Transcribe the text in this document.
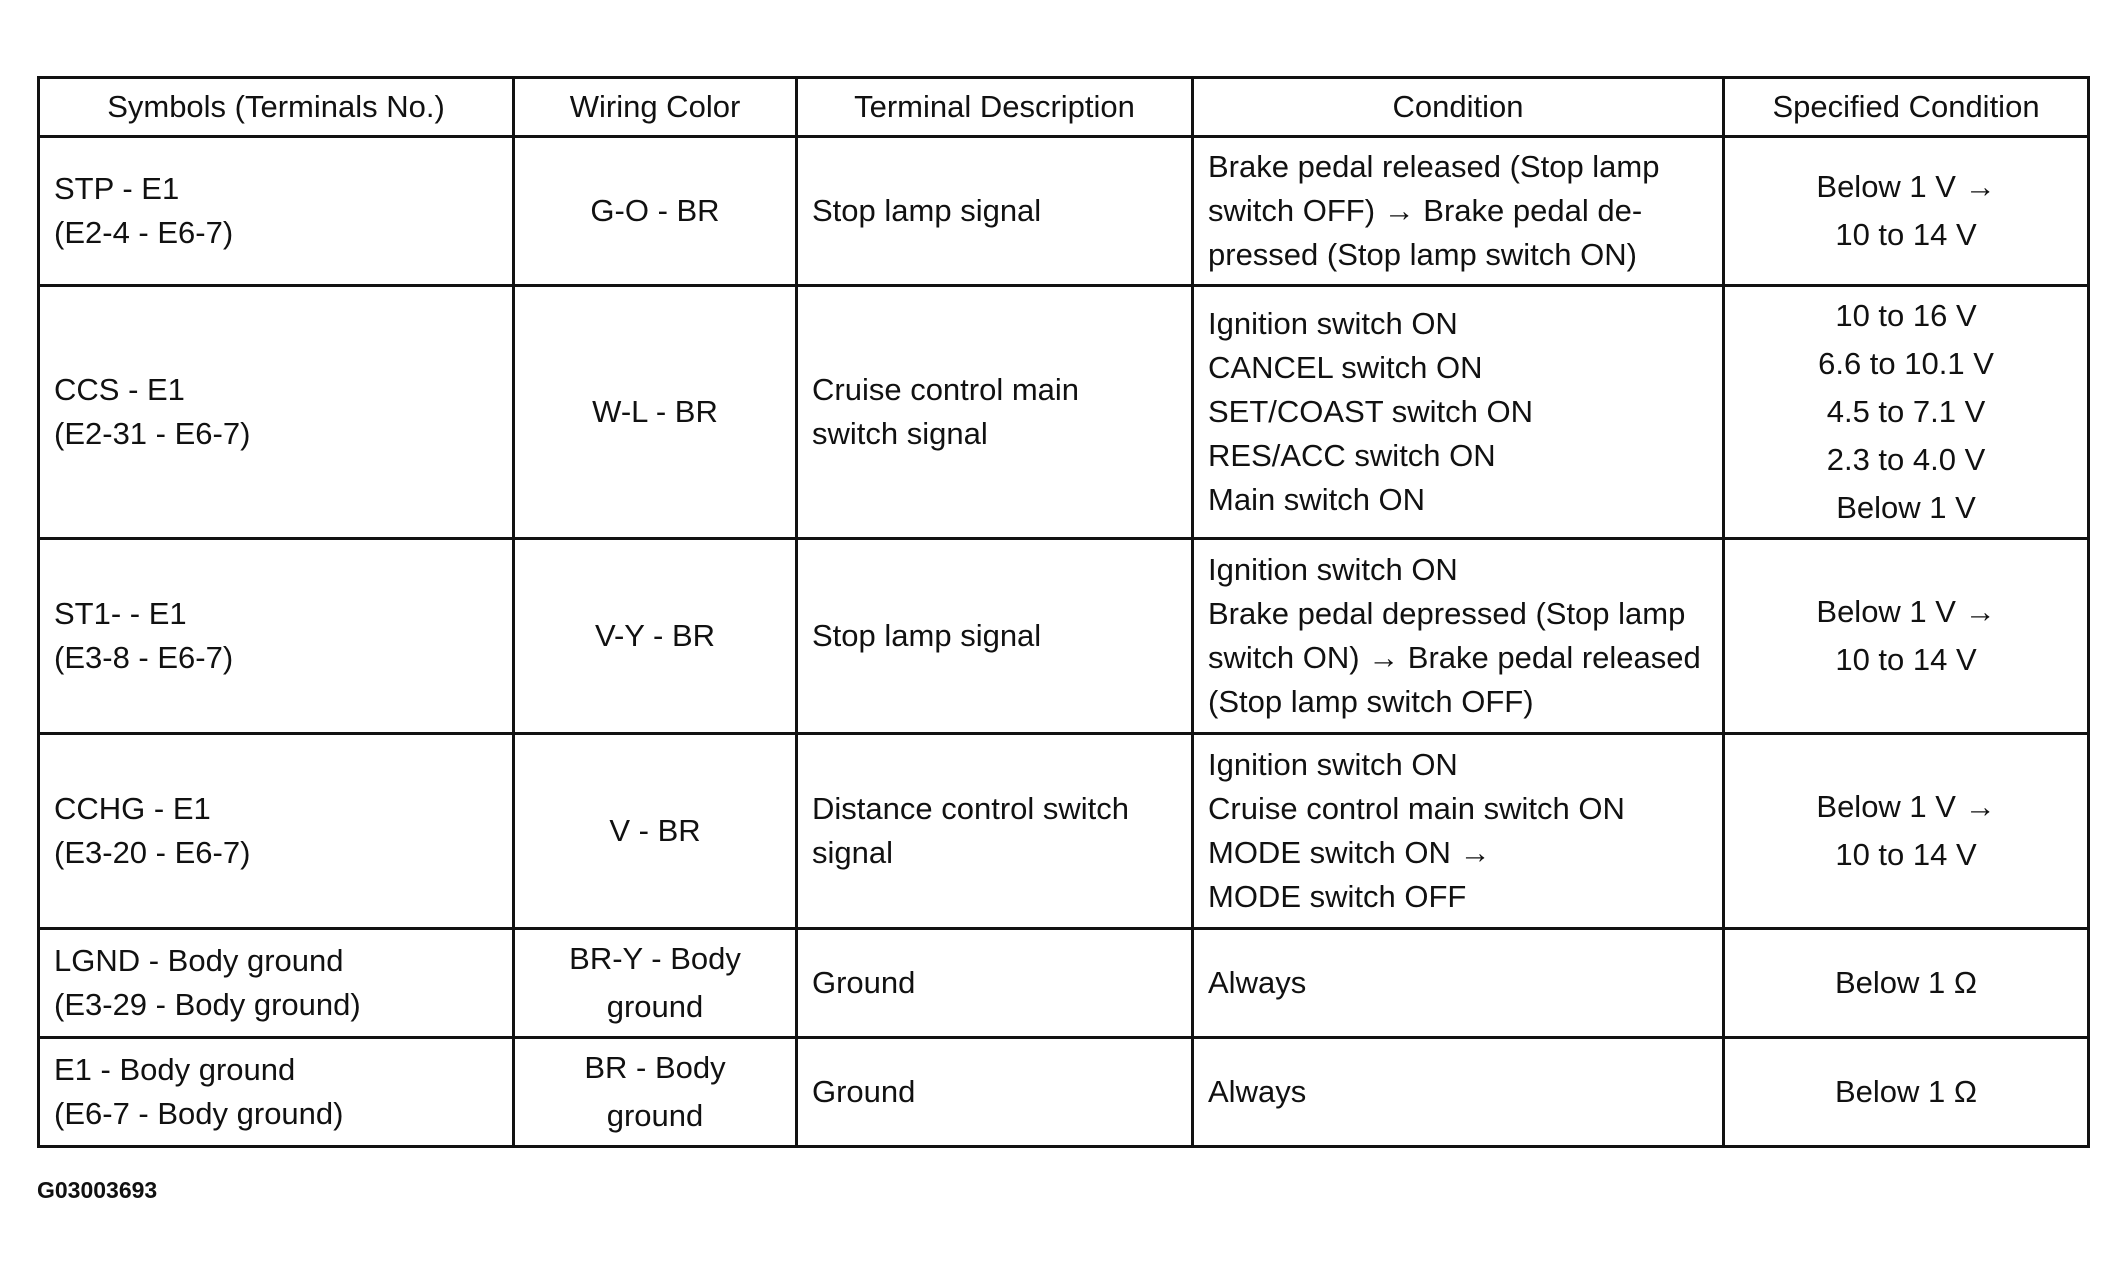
Symbols (Terminals No.)	Wiring Color	Terminal Description	Condition	Specified Condition

STP - E1
(E2-4 - E6-7)	G-O - BR	Stop lamp signal	Brake pedal released (Stop lamp
switch OFF) → Brake pedal de-
pressed (Stop lamp switch ON)	Below 1 V →
10 to 14 V

CCS - E1
(E2-31 - E6-7)	W-L - BR	Cruise control main
switch signal	Ignition switch ON
CANCEL switch ON
SET/COAST switch ON
RES/ACC switch ON
Main switch ON	10 to 16 V
6.6 to 10.1 V
4.5 to 7.1 V
2.3 to 4.0 V
Below 1 V

ST1- - E1
(E3-8 - E6-7)	V-Y - BR	Stop lamp signal	Ignition switch ON
Brake pedal depressed (Stop lamp
switch ON) → Brake pedal released
(Stop lamp switch OFF)	Below 1 V →
10 to 14 V

CCHG - E1
(E3-20 - E6-7)	V - BR	Distance control switch
signal	Ignition switch ON
Cruise control main switch ON
MODE switch ON →
MODE switch OFF	Below 1 V →
10 to 14 V

LGND - Body ground
(E3-29 - Body ground)	BR-Y - Body
ground	Ground	Always	Below 1 Ω

E1 - Body ground
(E6-7 - Body ground)	BR - Body
ground	Ground	Always	Below 1 Ω
G03003693
